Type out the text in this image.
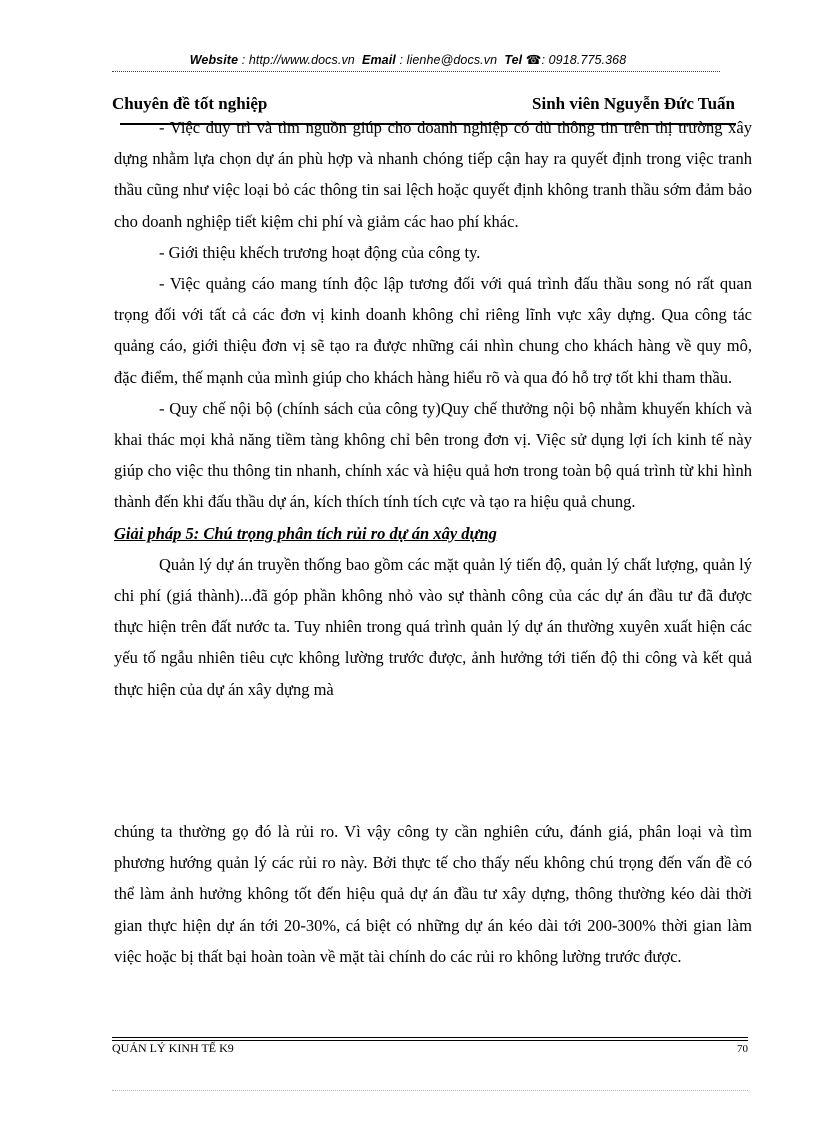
Website : http://www.docs.vn Email : lienhe@docs.vn Tel ☎: 0918.775.368
Chuyên đề tốt nghiệp	Sinh viên Nguyễn Đức Tuấn

- Việc duy trì và tìm nguồn giúp cho doanh nghiệp có đủ thông tin trên thị trường xây dựng nhằm lựa chọn dự án phù hợp và nhanh chóng tiếp cận hay ra quyết định trong việc tranh thầu cũng như việc loại bỏ các thông tin sai lệch hoặc quyết định không tranh thầu sớm đảm bảo cho doanh nghiệp tiết kiệm chi phí và giảm các hao phí khác.

- Giới thiệu khếch trương hoạt động của công ty.

- Việc quảng cáo mang tính độc lập tương đối với quá trình đấu thầu song nó rất quan trọng đối với tất cả các đơn vị kinh doanh không chỉ riêng lĩnh vực xây dựng. Qua công tác quảng cáo, giới thiệu đơn vị sẽ tạo ra được những cái nhìn chung cho khách hàng về quy mô, đặc điểm, thế mạnh của mình giúp cho khách hàng hiểu rõ và qua đó hỗ trợ tốt khi tham thầu.

- Quy chế nội bộ (chính sách của công ty)Quy chế thưởng nội bộ nhằm khuyến khích và khai thác mọi khả năng tiềm tàng không chỉ bên trong đơn vị. Việc sử dụng lợi ích kinh tế này giúp cho việc thu thông tin nhanh, chính xác và hiệu quả hơn trong toàn bộ quá trình từ khi hình thành đến khi đấu thầu dự án, kích thích tính tích cực và tạo ra hiệu quả chung.

Giải pháp 5: Chú trọng phân tích rủi ro dự án xây dựng

Quản lý dự án truyền thống bao gồm các mặt quản lý tiến độ, quản lý chất lượng, quản lý chi phí (giá thành)...đã góp phần không nhỏ vào sự thành công của các dự án đầu tư đã được thực hiện trên đất nước ta. Tuy nhiên trong quá trình quản lý dự án thường xuyên xuất hiện các yếu tố ngẫu nhiên tiêu cực không lường trước được, ảnh hưởng tới tiến độ thi công và kết quả thực hiện của dự án xây dựng mà

chúng ta thường gọ đó là rủi ro. Vì vậy công ty cần nghiên cứu, đánh giá, phân loại và tìm phương hướng quản lý các rủi ro này. Bởi thực tế cho thấy nếu không chú trọng đến vấn đề có thể làm ảnh hưởng không tốt đến hiệu quả dự án đầu tư xây dựng, thông thường kéo dài thời gian thực hiện dự án tới 20-30%, cá biệt có những dự án kéo dài tới 200-300% thời gian làm việc hoặc bị thất bại hoàn toàn về mặt tài chính do các rủi ro không lường trước được.

QUẢN LÝ KINH TẾ K9	70
